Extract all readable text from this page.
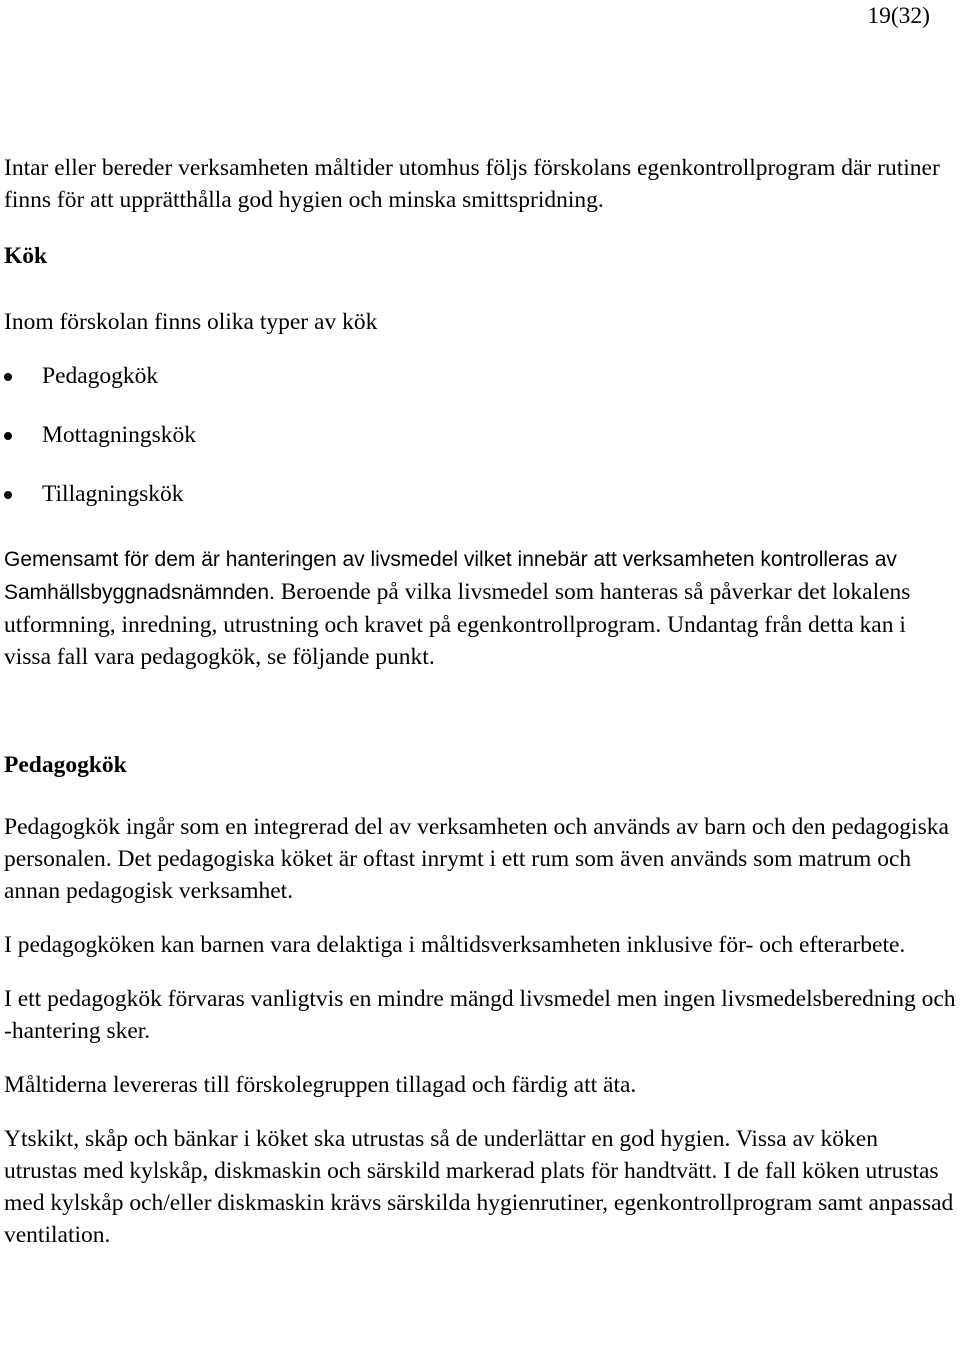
19(32)

Intar eller bereder verksamheten måltider utomhus följs förskolans egenkontrollprogram där rutiner finns för att upprätthålla god hygien och minska smittspridning.

Kök

Inom förskolan finns olika typer av kök

Pedagogkök
Mottagningskök
Tillagningskök

Gemensamt för dem är hanteringen av livsmedel vilket innebär att verksamheten kontrolleras av Samhällsbyggnadsnämnden. Beroende på vilka livsmedel som hanteras så påverkar det lokalens utformning, inredning, utrustning och kravet på egenkontrollprogram. Undantag från detta kan i vissa fall vara pedagogkök, se följande punkt.

Pedagogkök

Pedagogkök ingår som en integrerad del av verksamheten och används av barn och den pedagogiska personalen. Det pedagogiska köket är oftast inrymt i ett rum som även används som matrum och annan pedagogisk verksamhet.

I pedagogköken kan barnen vara delaktiga i måltidsverksamheten inklusive för- och efterarbete.

I ett pedagogkök förvaras vanligtvis en mindre mängd livsmedel men ingen livsmedelsberedning och -hantering sker.

Måltiderna levereras till förskolegruppen tillagad och färdig att äta.

Ytskikt, skåp och bänkar i köket ska utrustas så de underlättar en god hygien. Vissa av köken utrustas med kylskåp, diskmaskin och särskild markerad plats för handtvätt. I de fall köken utrustas med kylskåp och/eller diskmaskin krävs särskilda hygienrutiner, egenkontrollprogram samt anpassad ventilation.
